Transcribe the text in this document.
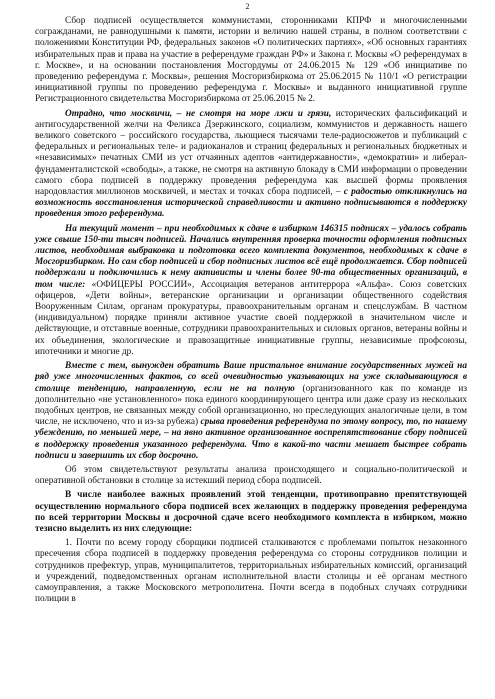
2

Сбор подписей осуществляется коммунистами, сторонниками КПРФ и многочисленными согражданами, не равнодушными к памяти, истории и величию нашей страны, в полном соответствии с положениями Конституции РФ, федеральных законов «О политических партиях», «Об основных гарантиях избирательных прав и права на участие в референдуме граждан РФ» и Закона г. Москвы «О референдумах в г. Москве», и на основании постановления Мосгордумы от 24.06.2015 № 129 «Об инициативе по проведению референдума г. Москвы», решения Мосгоризбиркома от 25.06.2015 № 110/1 «О регистрации инициативной группы по проведению референдума г. Москвы» и выданного инициативной группе Регистрационного свидетельства Мосгоризбиркома от 25.06.2015 № 2.

Отрадно, что москвичи, – не смотря на море лжи и грязи, исторических фальсификаций и антигосударственной желчи на Феликса Дзержинского, социализм, коммунистов и державность нашего великого советского – российского государства, льющиеся тысячами теле-радиосюжетов и публикаций с федеральных и региональных теле- и радиоканалов и страниц федеральных и региональных бюджетных и «независимых» печатных СМИ из уст отчаянных адептов «антидержавности», «демократии» и либерал-фундаменталистской «свободы», а также, не смотря на активную блокаду в СМИ информации о проведении самого сбора подписей в поддержку проведения референдума как высшей формы проявления народовластия миллионов москвичей, и местах и точках сбора подписей, – с радостью откликнулись на возможность восстановления исторической справедливости и активно подписываются в поддержку проведения этого референдума.

На текущий момент – при необходимых к сдаче в избирком 146315 подписях – удалось собрать уже свыше 150-ти тысяч подписей. Начались внутренняя проверка точности оформления подписных листов, необходимая выбраковка и подготовка всего комплекта документов, необходимых к сдаче в Мосгоризбирком. Но сам сбор подписей и сбор подписных листов всё ещё продолжается. Сбор подписей поддержали и подключились к нему активисты и члены более 90-та общественных организаций, в том числе: «ОФИЦЕРЫ РОССИИ», Ассоциация ветеранов антитеррора «Альфа». Союз советских офицеров, «Дети войны», ветеранские организации и организации общественного содействия Вооруженным Силам, органам прокуратуры, правоохранительным органам и спецслужбам. В частном (индивидуальном) порядке приняли активное участие своей поддержкой в значительном числе и действующие, и отставные военные, сотрудники правоохранительных и силовых органов, ветераны войны и их объединения, экологические и правозащитные инициативные группы, независимые профсоюзы, ипотечники и многие др.

Вместе с тем, вынужден обратить Ваше пристальное внимание государственных мужей на ряд уже многочисленных фактов, со всей очевидностью указывающих на уже складывающуюся в столице тенденцию, направленную, если не на полную (организованного как по команде из дополнительно «не установленного» пока единого координирующего центра или даже сразу из нескольких подобных центров, не связанных между собой организационно, но преследующих аналогичные цели, в том числе, не исключено, что и из-за рубежа) срыва проведения референдума по этому вопросу, то, по нашему убеждению, по меньшей мере, – на явно активное организованное воспрепятствование сбору подписей в поддержку проведения указанного референдума. Что в какой-то части мешает быстрее собрать подписи и завершить их сбор досрочно.

Об этом свидетельствуют результаты анализа происходящего и социально-политической и оперативной обстановки в столице за истекший период сбора подписей.

В числе наиболее важных проявлений этой тенденции, противоправно препятствующей осуществлению нормального сбора подписей всех желающих в поддержку проведения референдума по всей территории Москвы и досрочной сдаче всего необходимого комплекта в избирком, можно тезисно выделить из них следующие:

1. Почти по всему городу сборщики подписей сталкиваются с проблемами попыток незаконного пресечения сбора подписей в поддержку проведения референдума со стороны сотрудников полиции и сотрудников префектур, управ, муниципалитетов, территориальных избирательных комиссий, организаций и учреждений, подведомственных органам исполнительной власти столицы и её органам местного самоуправления, а также Московского метрополитена. Почти всегда в подобных случаях сотрудники полиции в
